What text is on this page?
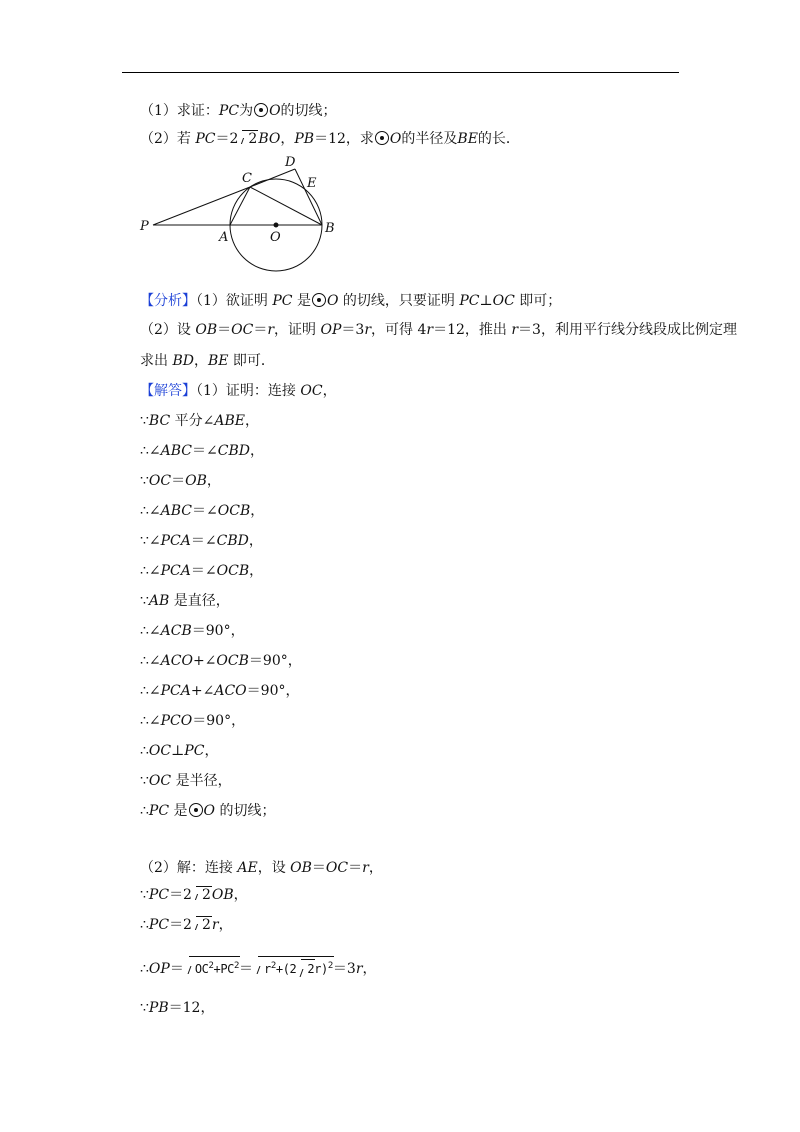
（1）求证：PC为 O的切线；
（2）若 PC＝2 2BO，PB＝12，求 O的半径及BE的长．
P
A	O
B
C
D
E
【分析】（1）欲证明 PC 是 O 的切线，只要证明 PC⊥OC 即可；
（2）设 OB＝OC＝r，证明 OP＝3r，可得 4r＝12，推出 r＝3，利用平行线分线段成比例定理
求出 BD，BE 即可．
【解答】（1）证明：连接 OC，
∵BC 平分∠ABE，
∴∠ABC＝∠CBD，
∵OC＝OB，
∴∠ABC＝∠OCB，
∵∠PCA＝∠CBD，
∴∠PCA＝∠OCB，
∵AB 是直径，
∴∠ACB＝90°，
∴∠ACO+∠OCB＝90°，
∴∠PCA+∠ACO＝90°，
∴∠PCO＝90°，
∴OC⊥PC，
∵OC 是半径，
∴PC 是 O 的切线；
（2）解：连接 AE，设 OB＝OC＝r，
∵PC＝2 2OB，
∴PC＝2 2r，
∴OP＝ $OC^2+PC^2= r^2+(2$ 2r)$^2$＝3r，
∵PB＝12，
